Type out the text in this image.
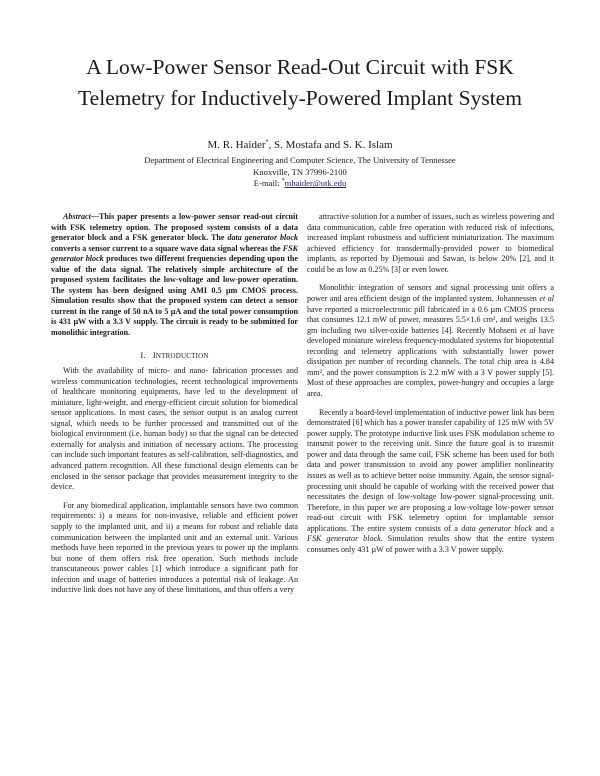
A Low-Power Sensor Read-Out Circuit with FSK
Telemetry for Inductively-Powered Implant System
M. R. Haider*, S. Mostafa and S. K. Islam
Department of Electrical Engineering and Computer Science, The University of Tennessee
Knoxville, TN 37996-2100
E-mail: *mhaider@utk.edu

Abstract—This paper presents a low-power sensor read-out circuit with FSK telemetry option. The proposed system consists of a data generator block and a FSK generator block. The data generator block converts a sensor current to a square wave data signal whereas the FSK generator block produces two different frequencies depending upon the value of the data signal. The relatively simple architecture of the proposed system facilitates the low-voltage and low-power operation. The system has been designed using AMI 0.5 µm CMOS process. Simulation results show that the proposed system can detect a sensor current in the range of 50 nA to 5 µA and the total power consumption is 431 µW with a 3.3 V supply. The circuit is ready to be submitted for monolithic integration.

I. INTRODUCTION

With the availability of micro- and nano- fabrication processes and wireless communication technologies, recent technological improvements of healthcare monitoring equipments, have led to the development of miniature, light-weight, and energy-efficient circuit solution for biomedical sensor applications. In most cases, the sensor output is an analog current signal, which needs to be further processed and transmitted out of the biological environment (i.e. human body) so that the signal can be detected externally for analysis and initiation of necessary actions. The processing can include such important features as self-calibration, self-diagnostics, and advanced pattern recognition. All these functional design elements can be enclosed in the sensor package that provides measurement integrity to the device.

For any biomedical application, implantable sensors have two common requirements: i) a means for non-invasive, reliable and efficient power supply to the implanted unit, and ii) a means for robust and reliable data communication between the implanted unit and an external unit. Various methods have been reported in the previous years to power up the implants but none of them offers risk free operation. Such methods include transcutaneous power cables [1] which introduce a significant path for infection and usage of batteries introduces a potential risk of leakage. An inductive link does not have any of these limitations, and thus offers a very

attractive solution for a number of issues, such as wireless powering and data communication, cable free operation with reduced risk of infections, increased implant robustness and sufficient miniaturization. The maximum achieved efficiency for transdermally-provided power to biomedical implants, as reported by Djemouai and Sawan, is below 20% [2], and it could be as low as 0.25% [3] or even lower.

Monolithic integration of sensors and signal processing unit offers a power and area efficient design of the implanted system. Johannessen et al have reported a microelectronic pill fabricated in a 0.6 µm CMOS process that consumes 12.1 mW of power, measures 5.5×1.6 cm², and weighs 13.5 gm including two silver-oxide batteries [4]. Recently Mohseni et al have developed miniature wireless frequency-modulated systems for biopotential recording and telemetry applications with substantially lower power dissipation per number of recording channels. The total chip area is 4.84 mm², and the power consumption is 2.2 mW with a 3 V power supply [5]. Most of these approaches are complex, power-hungry and occupies a large area.

Recently a board-level implementation of inductive power link has been demonstrated [6] which has a power transfer capability of 125 mW with 5V power supply. The prototype inductive link uses FSK modulation scheme to transmit power to the receiving unit. Since the future goal is to transmit power and data through the same coil, FSK scheme has been used for both data and power transmission to avoid any power amplifier nonlinearity issues as well as to achieve better noise immunity. Again, the sensor signal-processing unit should be capable of working with the received power that necessitates the design of low-voltage low-power signal-processing unit. Therefore, in this paper we are proposing a low-voltage low-power sensor read-out circuit with FSK telemetry option for implantable sensor applications. The entire system consists of a data generator block and a FSK generator block. Simulation results show that the entire system consumes only 431 µW of power with a 3.3 V power supply.
